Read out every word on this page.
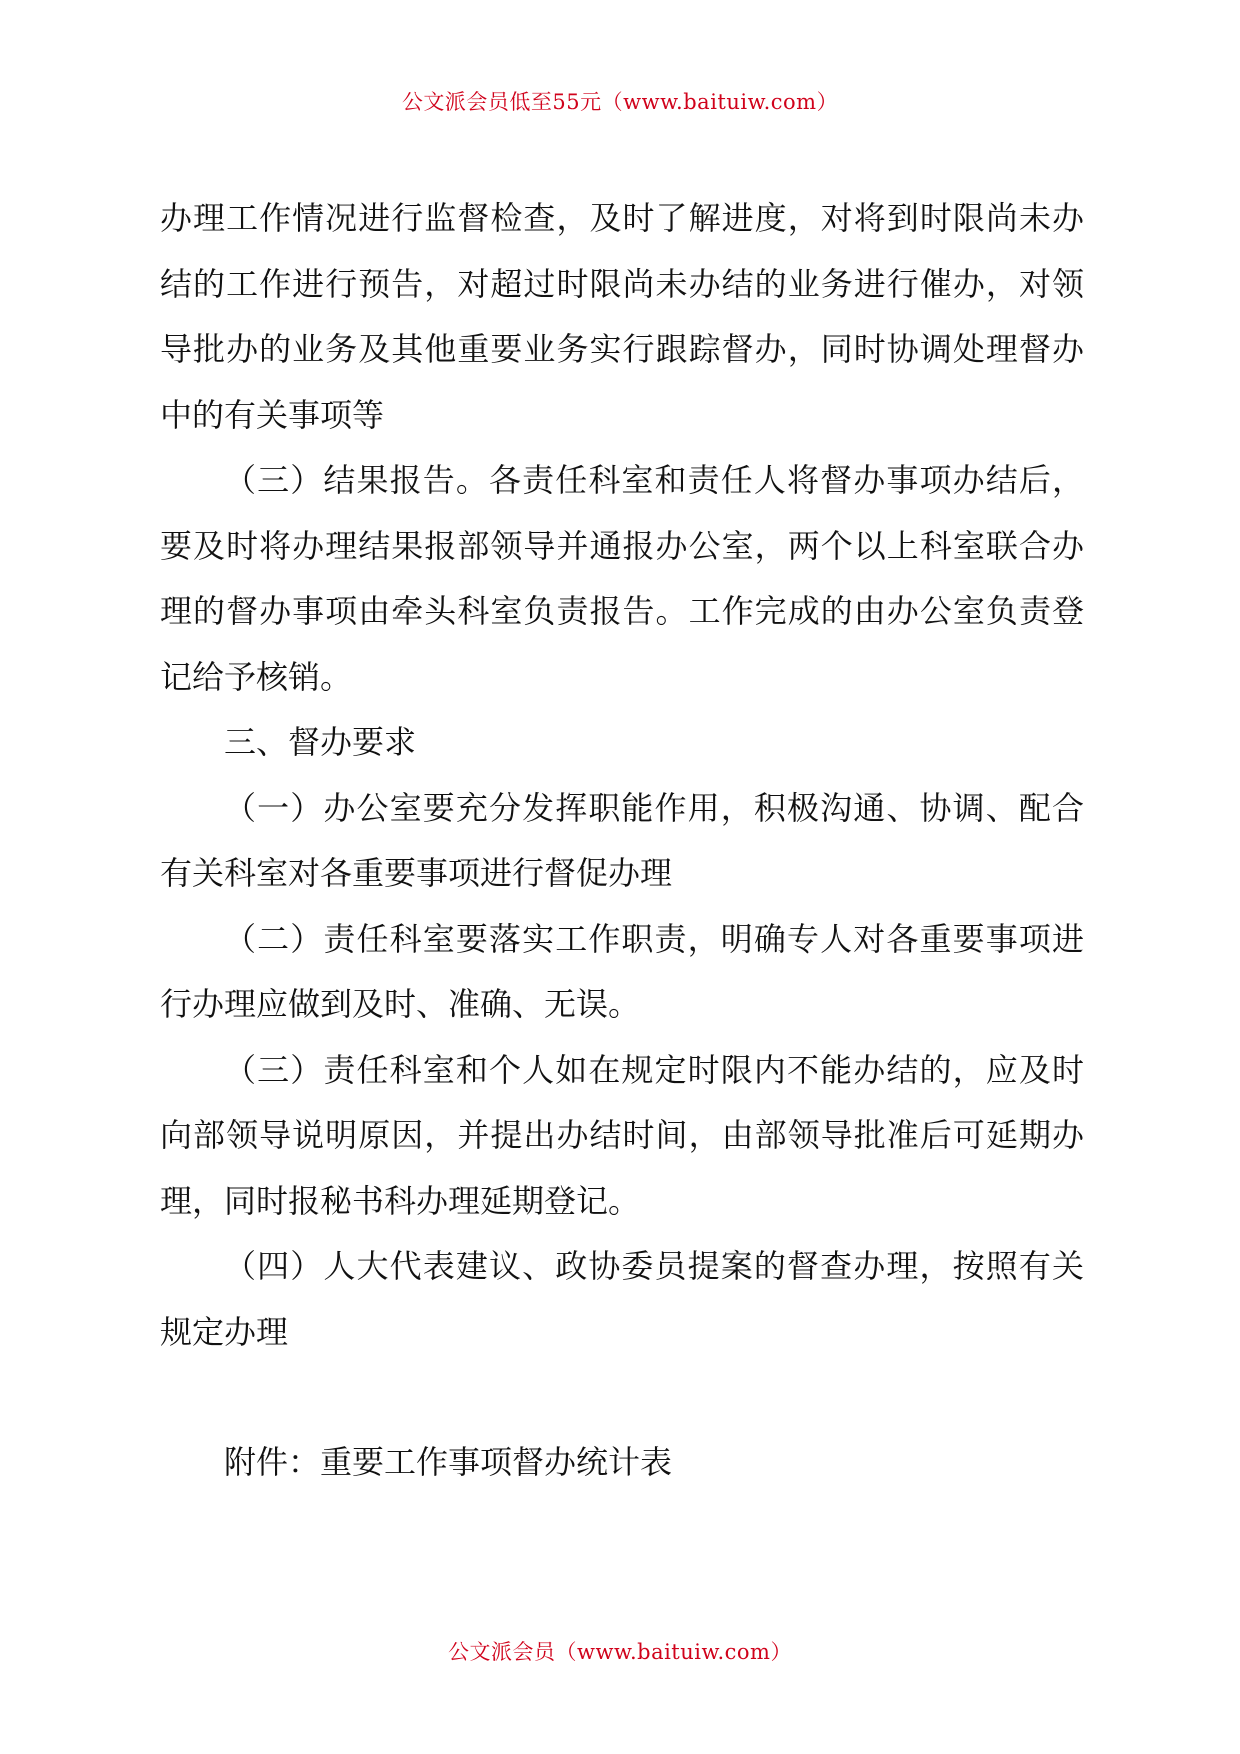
公文派会员低至55元（www.baituiw.com）

办理工作情况进行监督检查，及时了解进度，对将到时限尚未办结的工作进行预告，对超过时限尚未办结的业务进行催办，对领导批办的业务及其他重要业务实行跟踪督办，同时协调处理督办中的有关事项等

（三）结果报告。各责任科室和责任人将督办事项办结后，要及时将办理结果报部领导并通报办公室，两个以上科室联合办理的督办事项由牵头科室负责报告。工作完成的由办公室负责登记给予核销。

三、督办要求

（一）办公室要充分发挥职能作用，积极沟通、协调、配合有关科室对各重要事项进行督促办理

（二）责任科室要落实工作职责，明确专人对各重要事项进行办理应做到及时、准确、无误。

（三）责任科室和个人如在规定时限内不能办结的，应及时向部领导说明原因，并提出办结时间，由部领导批准后可延期办理，同时报秘书科办理延期登记。

（四）人大代表建议、政协委员提案的督查办理，按照有关规定办理

附件：重要工作事项督办统计表

公文派会员（www.baituiw.com）
